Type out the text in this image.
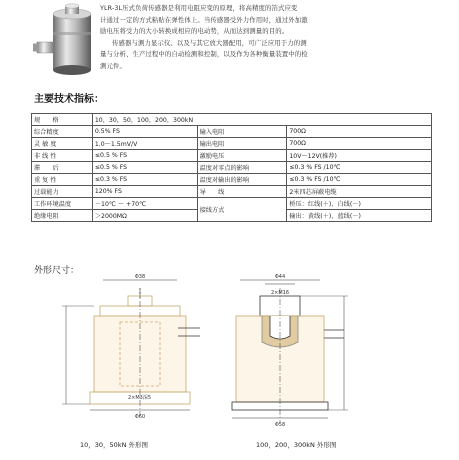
YLR-3L压式负荷传感器是利用电阻应变的原理，将高精度的箔式应变

计通过一定的方式粘贴在弹性体上。当传感器受外力作用时，通过外加激

励电压将受力的大小转换成相应的电动势，从而达到测量的目的。

传感器与测力显示仪、以及与其它放大器配用，可广泛应用于力的测

量与分析、生产过程中的自动检测和控制，以及作为各种衡量装置中的检

测元件。

主要技术指标：
规　　格	10，30，50，100，200，300kN		
综合精度	0.5% FS	输入电阻	700Ω
灵 敏 度	1.0～1.5mV/V	输出电阻	700Ω
非 线 性	≤0.5 % FS	激励电压	10V～12V(推荐)
滞　　后	≤0.5 % FS	温度对零点的影响	≤0.3 % FS /10℃
重 复 性	≤0.3 % FS	温度对输出的影响	≤0.3 % FS /10℃
过载能力	120% FS	导　　线	2米四芯屏蔽电缆
工作环境温度	－10℃ ～ +70℃	接线方式	桥压：红线(＋)、白线(－)
绝缘电阻	＞2000MΩ		输出：黄线(＋)、蓝线(－)
外形尺寸：
Φ38
Φ60
2×M3深5
Φ44
2×M16
Φ58
10，30，50kN 外形图	100，200，300kN 外形图
